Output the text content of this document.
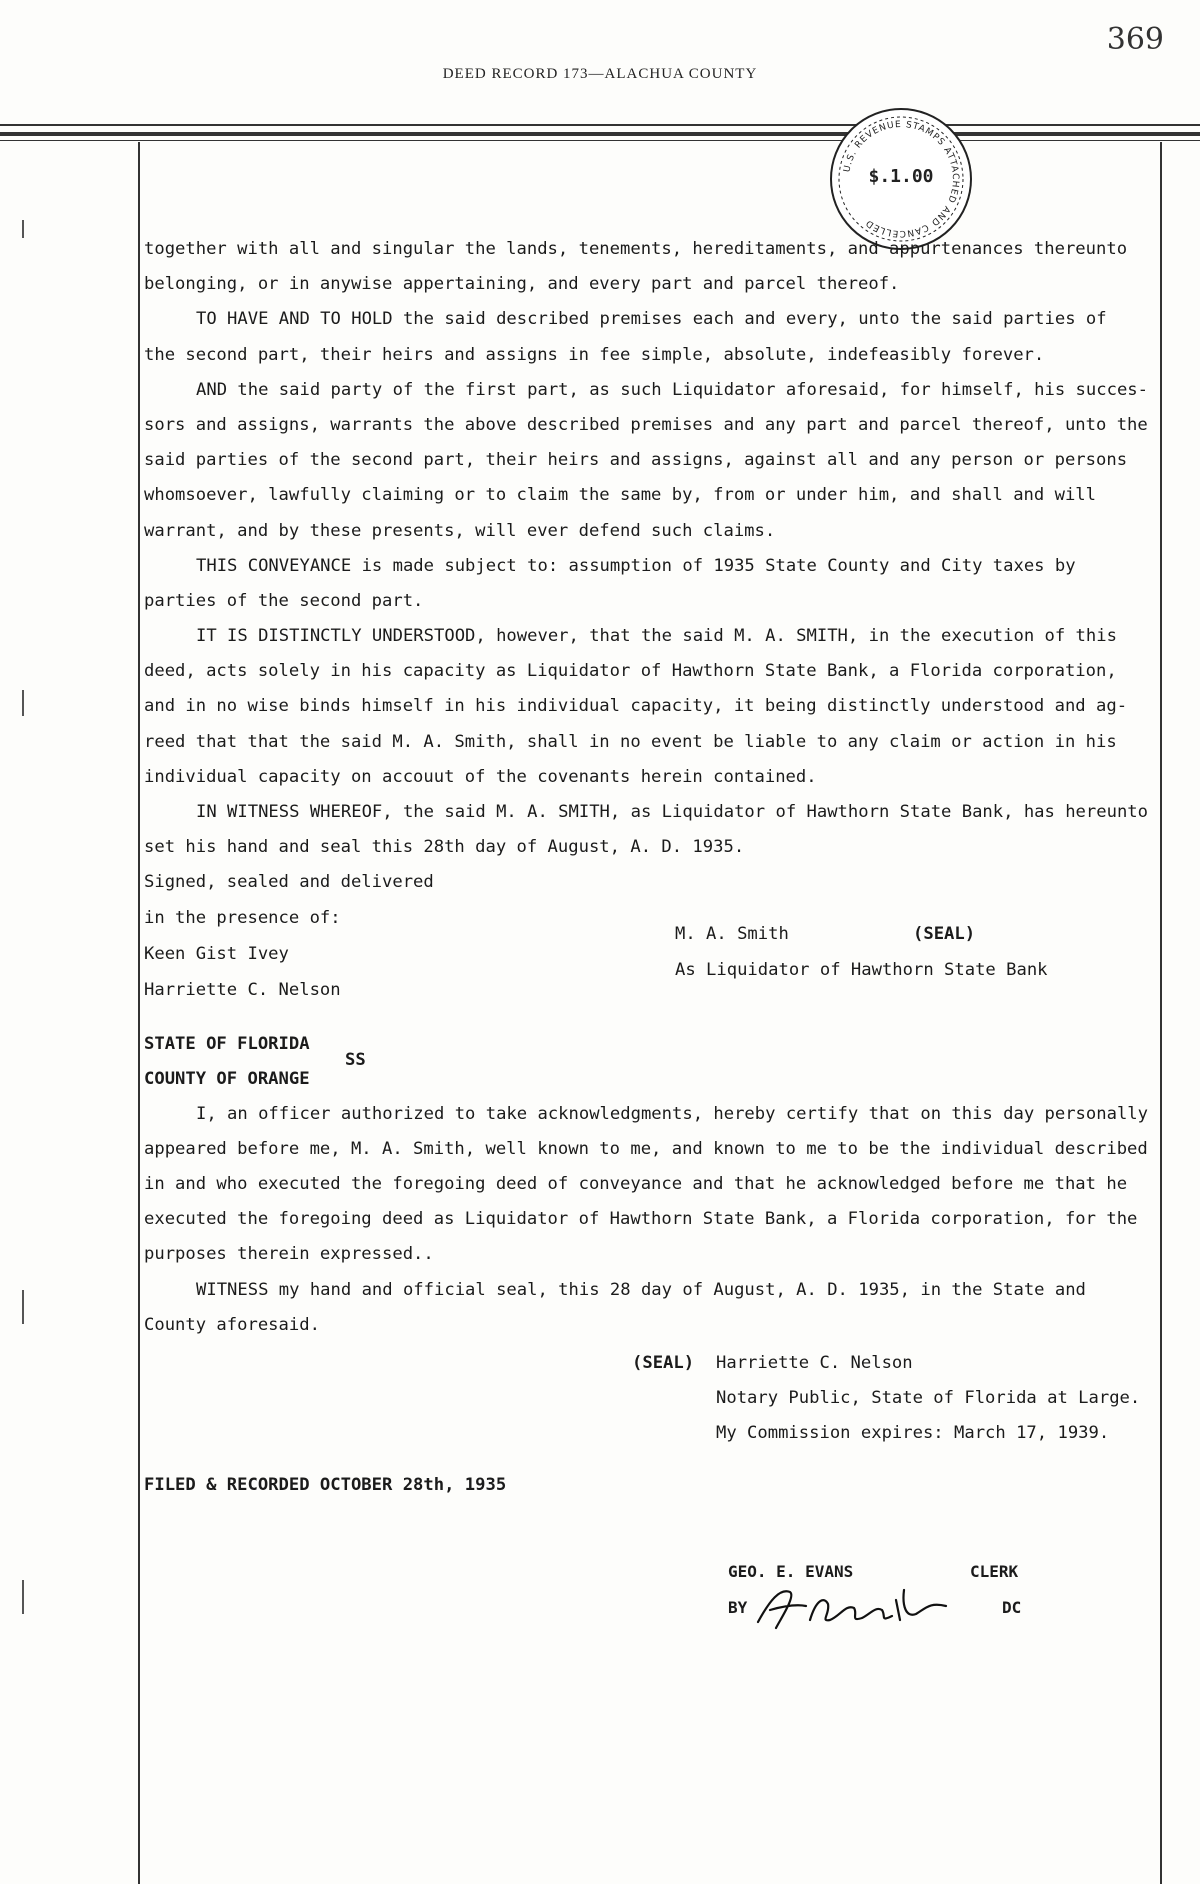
369
DEED RECORD 173—ALACHUA COUNTY
U.S. REVENUE STAMPS ATTACHED AND CANCELLED
$.1.00
together with all and singular the lands, tenements, hereditaments, and appurtenances thereunto
belonging, or in anywise appertaining, and every part and parcel thereof.
TO HAVE AND TO HOLD the said described premises each and every, unto the said parties of
the second part, their heirs and assigns in fee simple, absolute, indefeasibly forever.
AND the said party of the first part, as such Liquidator aforesaid, for himself, his succes-
sors and assigns, warrants the above described premises and any part and parcel thereof, unto the
said parties of the second part, their heirs and assigns, against all and any person or persons
whomsoever, lawfully claiming or to claim the same by, from or under him, and shall and will
warrant, and by these presents, will ever defend such claims.
THIS CONVEYANCE is made subject to: assumption of 1935 State County and City taxes by
parties of the second part.
IT IS DISTINCTLY UNDERSTOOD, however, that the said M. A. SMITH, in the execution of this
deed, acts solely in his capacity as Liquidator of Hawthorn State Bank, a Florida corporation,
and in no wise binds himself in his individual capacity, it being distinctly understood and ag-
reed that that the said M. A. Smith, shall in no event be liable to any claim or action in his
individual capacity on accouut of the covenants herein contained.
IN WITNESS WHEREOF, the said M. A. SMITH, as Liquidator of Hawthorn State Bank, has hereunto
set his hand and seal this 28th day of August, A. D. 1935.
Signed, sealed and delivered
in the presence of:
Keen Gist Ivey
Harriette C. Nelson
M. A. Smith	(SEAL)
As Liquidator of Hawthorn State Bank
STATE OF FLORIDA
COUNTY OF ORANGE
SS
I, an officer authorized to take acknowledgments, hereby certify that on this day personally
appeared before me, M. A. Smith, well known to me, and known to me to be the individual described
in and who executed the foregoing deed of conveyance and that he acknowledged before me that he
executed the foregoing deed as Liquidator of Hawthorn State Bank, a Florida corporation, for the
purposes therein expressed..
WITNESS my hand and official seal, this 28 day of August, A. D. 1935, in the State and
County aforesaid.
(SEAL) Harriette C. Nelson
Notary Public, State of Florida at Large.
My Commission expires: March 17, 1939.
FILED & RECORDED OCTOBER 28th, 1935
GEO. E. EVANS	CLERK
BY	DC
